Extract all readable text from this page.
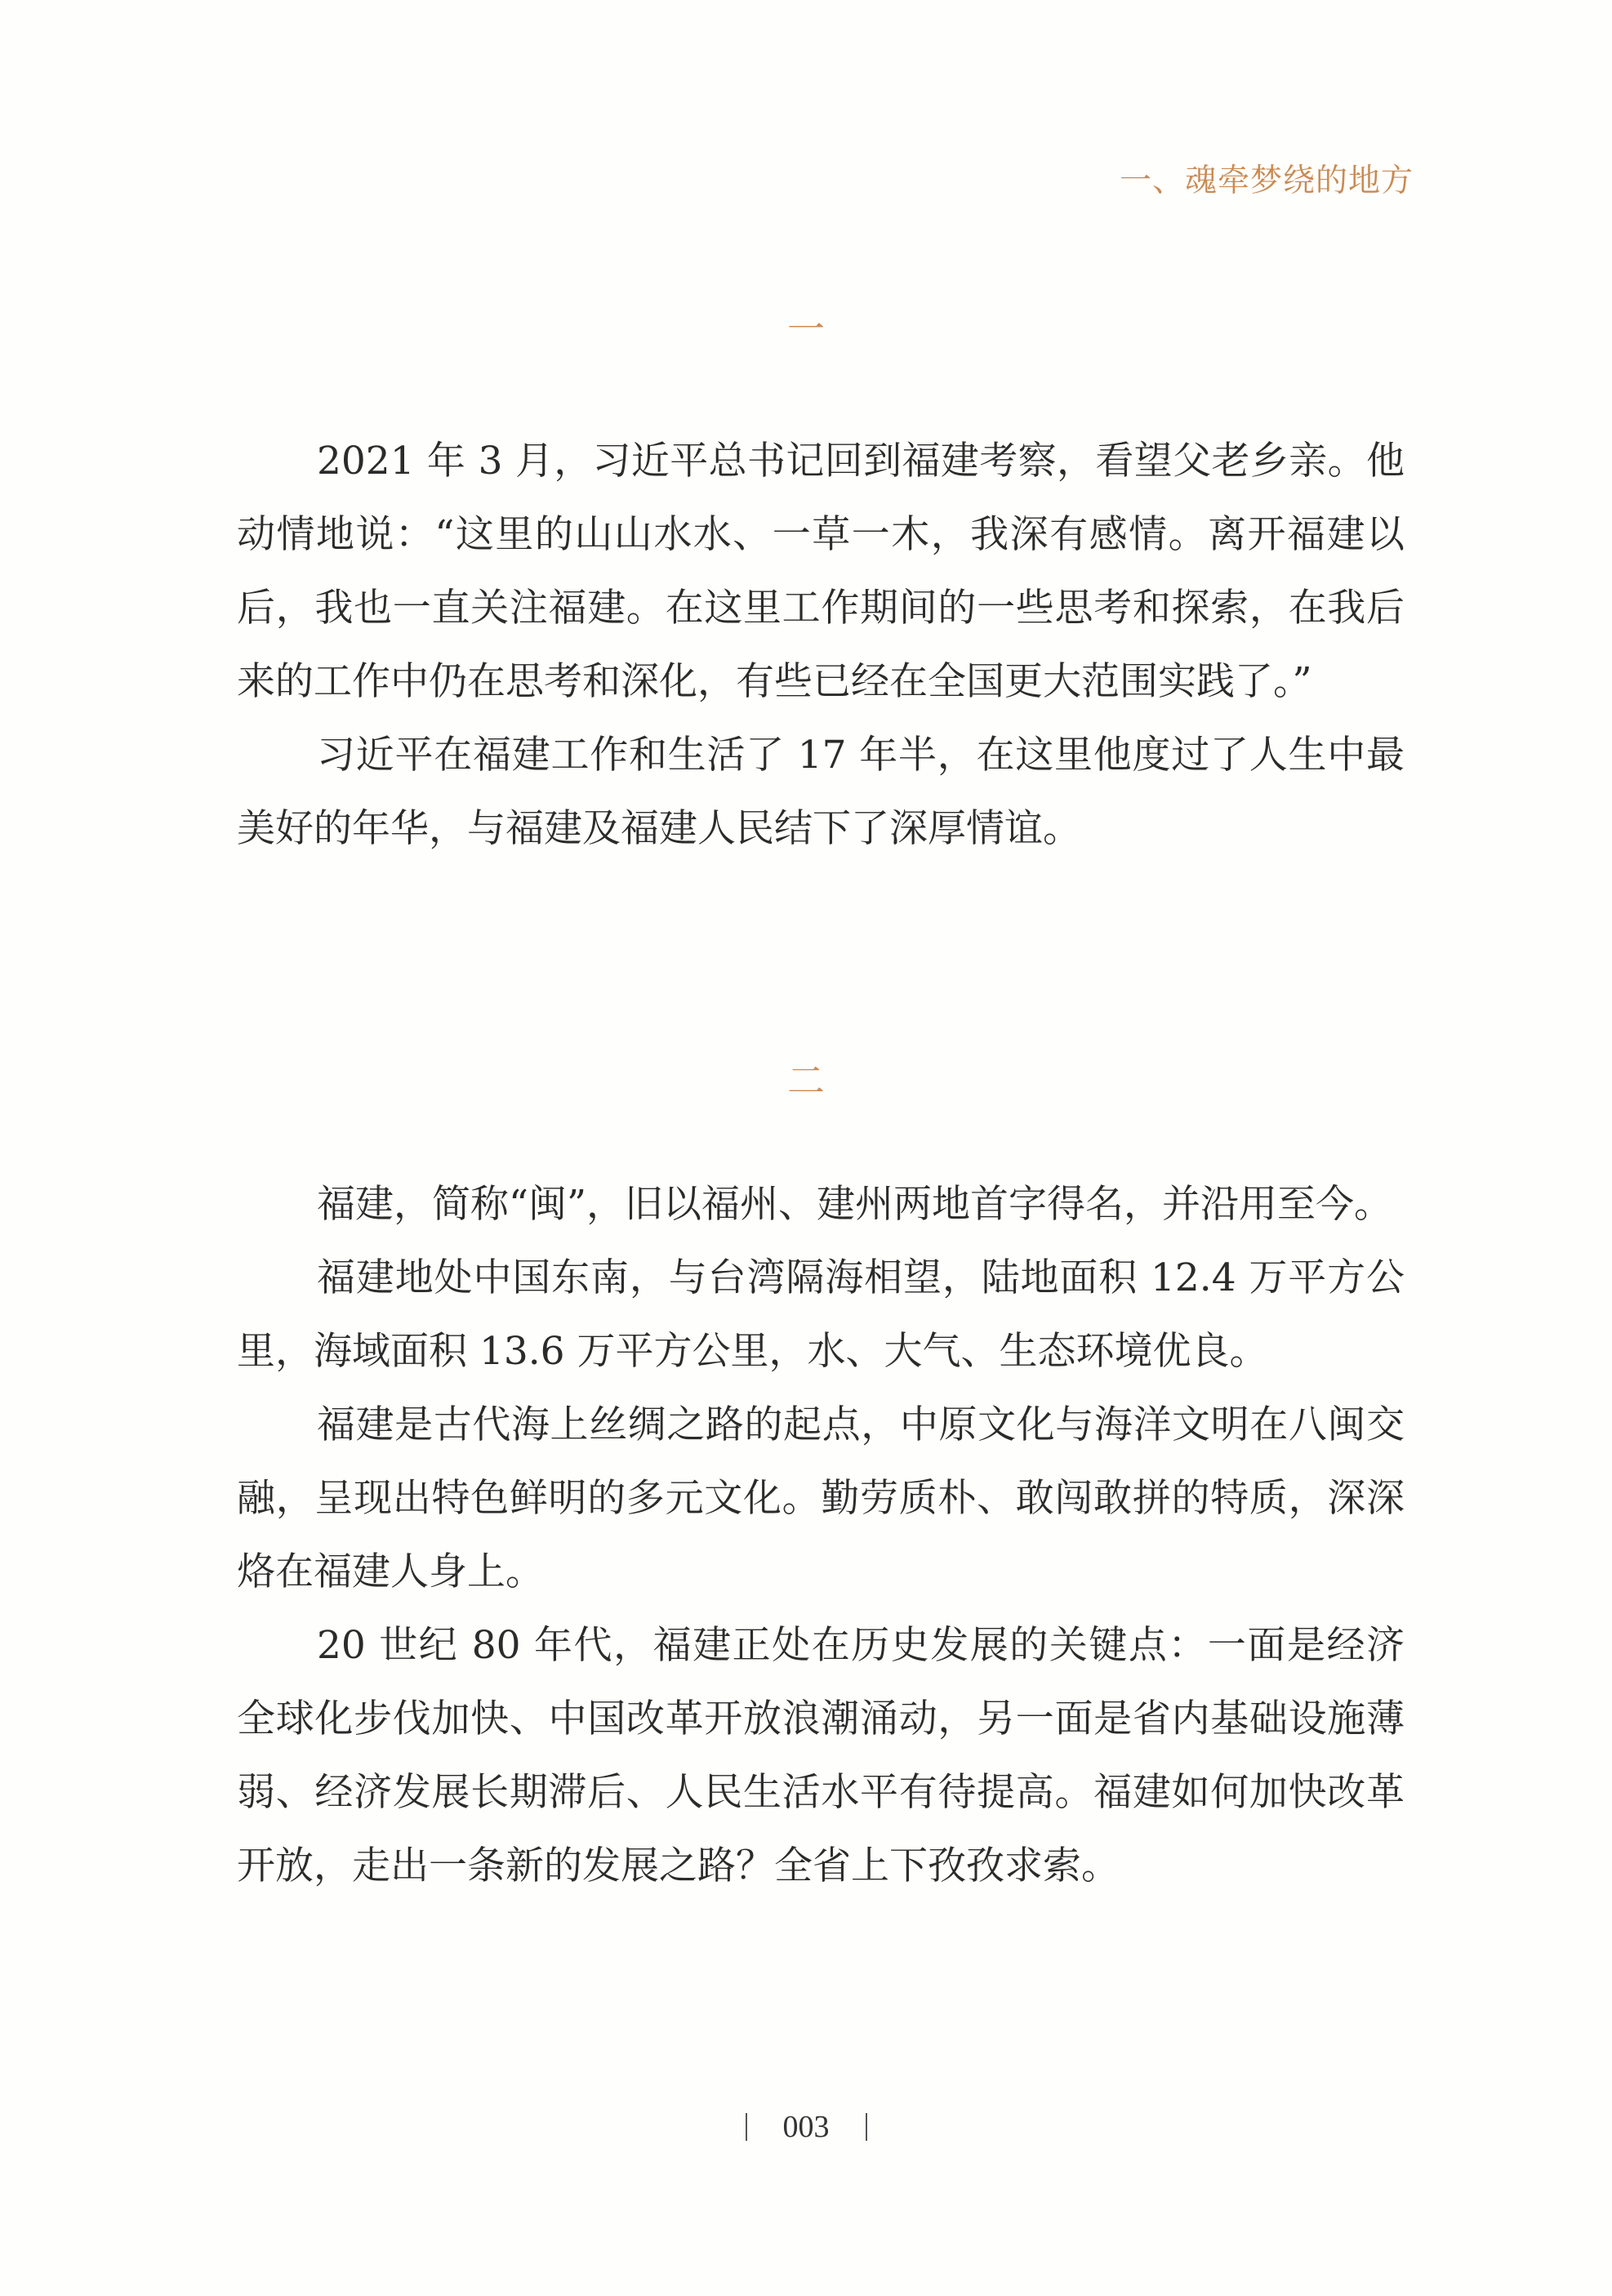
一、魂牵梦绕的地方
一

2021 年 3 月，习近平总书记回到福建考察，看望父老乡亲。他动情地说：“这里的山山水水、一草一木，我深有感情。离开福建以后，我也一直关注福建。在这里工作期间的一些思考和探索，在我后来的工作中仍在思考和深化，有些已经在全国更大范围实践了。”

习近平在福建工作和生活了 17 年半，在这里他度过了人生中最美好的年华，与福建及福建人民结下了深厚情谊。

二

福建，简称“闽”，旧以福州、建州两地首字得名，并沿用至今。

福建地处中国东南，与台湾隔海相望，陆地面积 12.4 万平方公里，海域面积 13.6 万平方公里，水、大气、生态环境优良。

福建是古代海上丝绸之路的起点，中原文化与海洋文明在八闽交融，呈现出特色鲜明的多元文化。勤劳质朴、敢闯敢拼的特质，深深烙在福建人身上。

20 世纪 80 年代，福建正处在历史发展的关键点：一面是经济全球化步伐加快、中国改革开放浪潮涌动，另一面是省内基础设施薄弱、经济发展长期滞后、人民生活水平有待提高。福建如何加快改革开放，走出一条新的发展之路？全省上下孜孜求索。

003
